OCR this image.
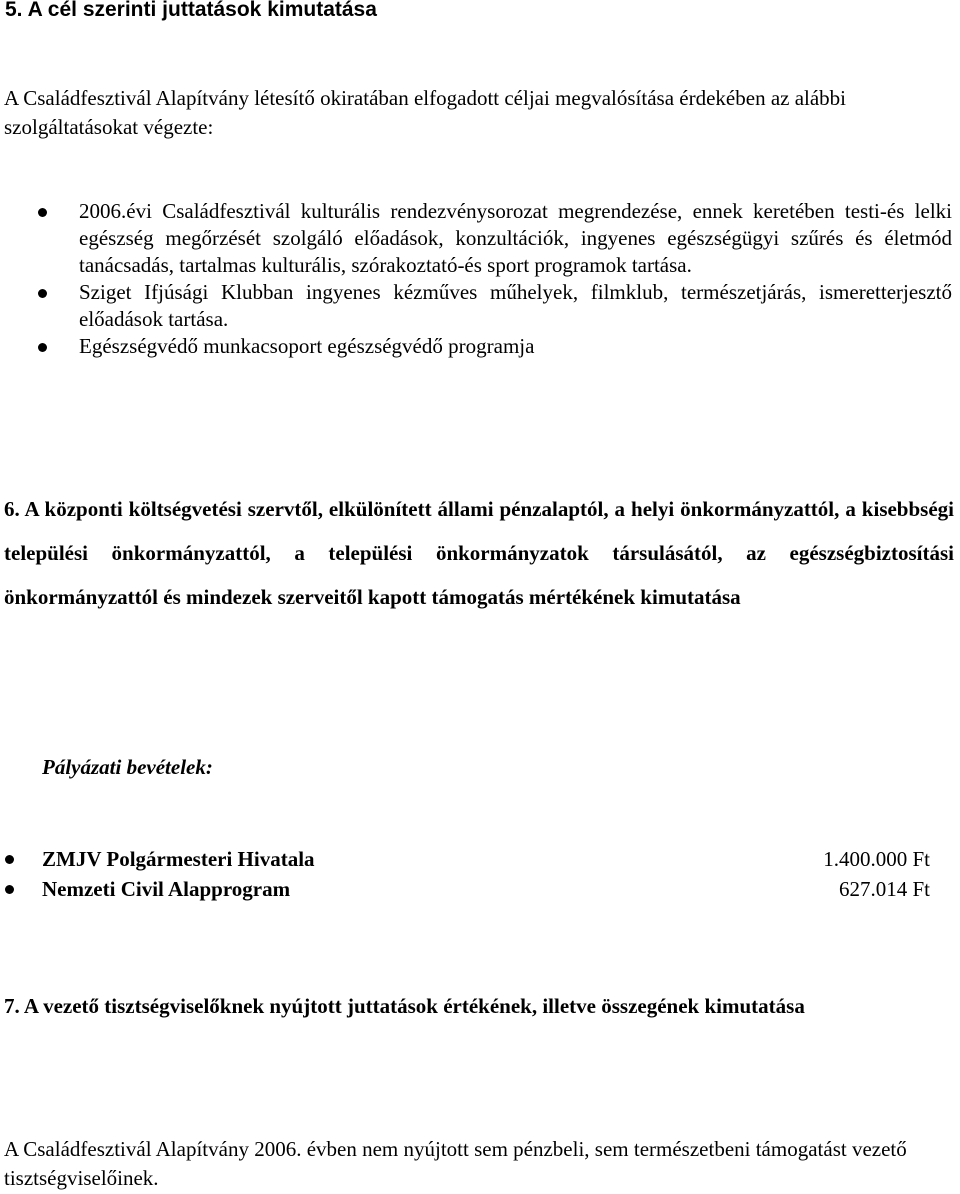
5. A cél szerinti juttatások kimutatása

A Családfesztivál Alapítvány létesítő okiratában elfogadott céljai megvalósítása érdekében az alábbi szolgáltatásokat végezte:

2006.évi Családfesztivál kulturális rendezvénysorozat megrendezése, ennek keretében testi-és lelki egészség megőrzését szolgáló előadások, konzultációk, ingyenes egészségügyi szűrés és életmód tanácsadás, tartalmas kulturális, szórakoztató-és sport programok tartása.
Sziget Ifjúsági Klubban ingyenes kézműves műhelyek, filmklub, természetjárás, ismeretterjesztő előadások tartása.
Egészségvédő munkacsoport egészségvédő programja

6. A központi költségvetési szervtől, elkülönített állami pénzalaptól, a helyi önkormányzattól, a kisebbségi települési önkormányzattól, a települési önkormányzatok társulásától, az egészségbiztosítási önkormányzattól és mindezek szerveitől kapott támogatás mértékének kimutatása

Pályázati bevételek:

ZMJV Polgármesteri Hivatala	1.400.000 Ft
Nemzeti Civil Alapprogram	627.014 Ft

7. A vezető tisztségviselőknek nyújtott juttatások értékének, illetve összegének kimutatása

A Családfesztivál Alapítvány 2006. évben nem nyújtott sem pénzbeli, sem természetbeni támogatást vezető tisztségviselőinek.
